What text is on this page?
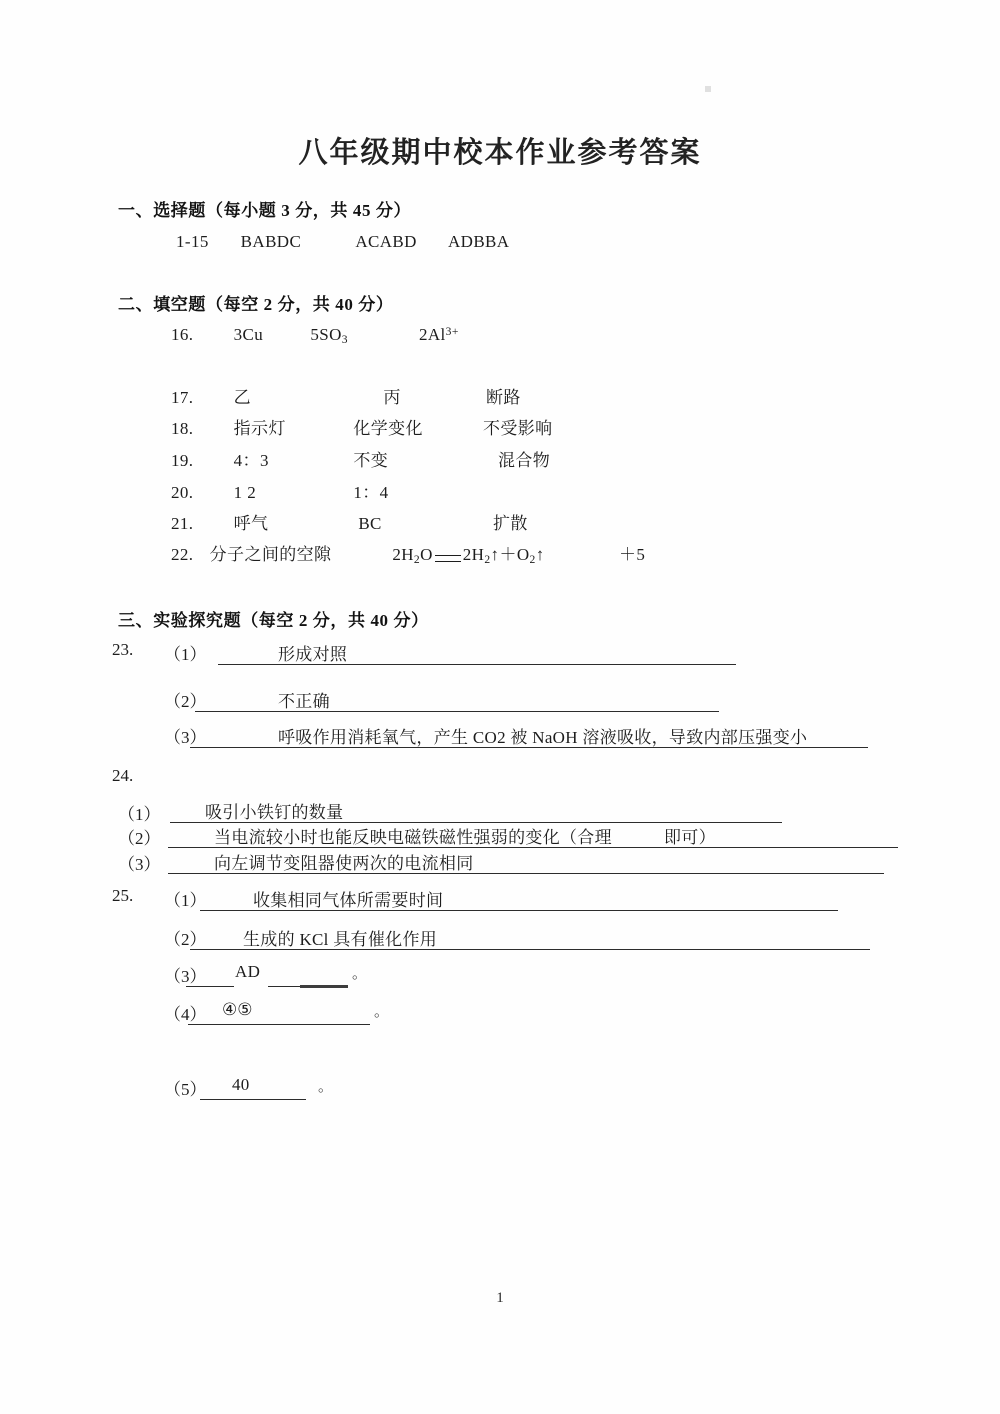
八年级期中校本作业参考答案
一、选择题（每小题 3 分，共 45 分）
1-15 BABDC	ACABD ADBBA
二、填空题（每空 2 分，共 40 分）
16. 3Cu	$5SO_3$	$2Al^{3+}$
17. 乙	丙	断路
18. 指示灯	化学变化	不受影响
19. 4：3	不变	混合物
20. 1 2	1：4
21. 呼气	BC	扩散
22. 分子之间的空隙	$2H_2O$ $2H_2↑+O_2↑$	＋5
三、实验探究题（每空 2 分，共 40 分）
23. （1）	形成对照
（2）	不正确
（3）	呼吸作用消耗氧气，产生 CO2 被 NaOH 溶液吸收，导致内部压强变小
24.
（1）	吸引小铁钉的数量
（2）	当电流较小时也能反映电磁铁磁性强弱的变化（合理	即可）
（3）	向左调节变阻器使两次的电流相同
25. （1）	收集相同气体所需要时间
（2） 生成的 KCl 具有催化作用
（3） AD	。
（4） ④⑤	。
（5） 40	。
1
